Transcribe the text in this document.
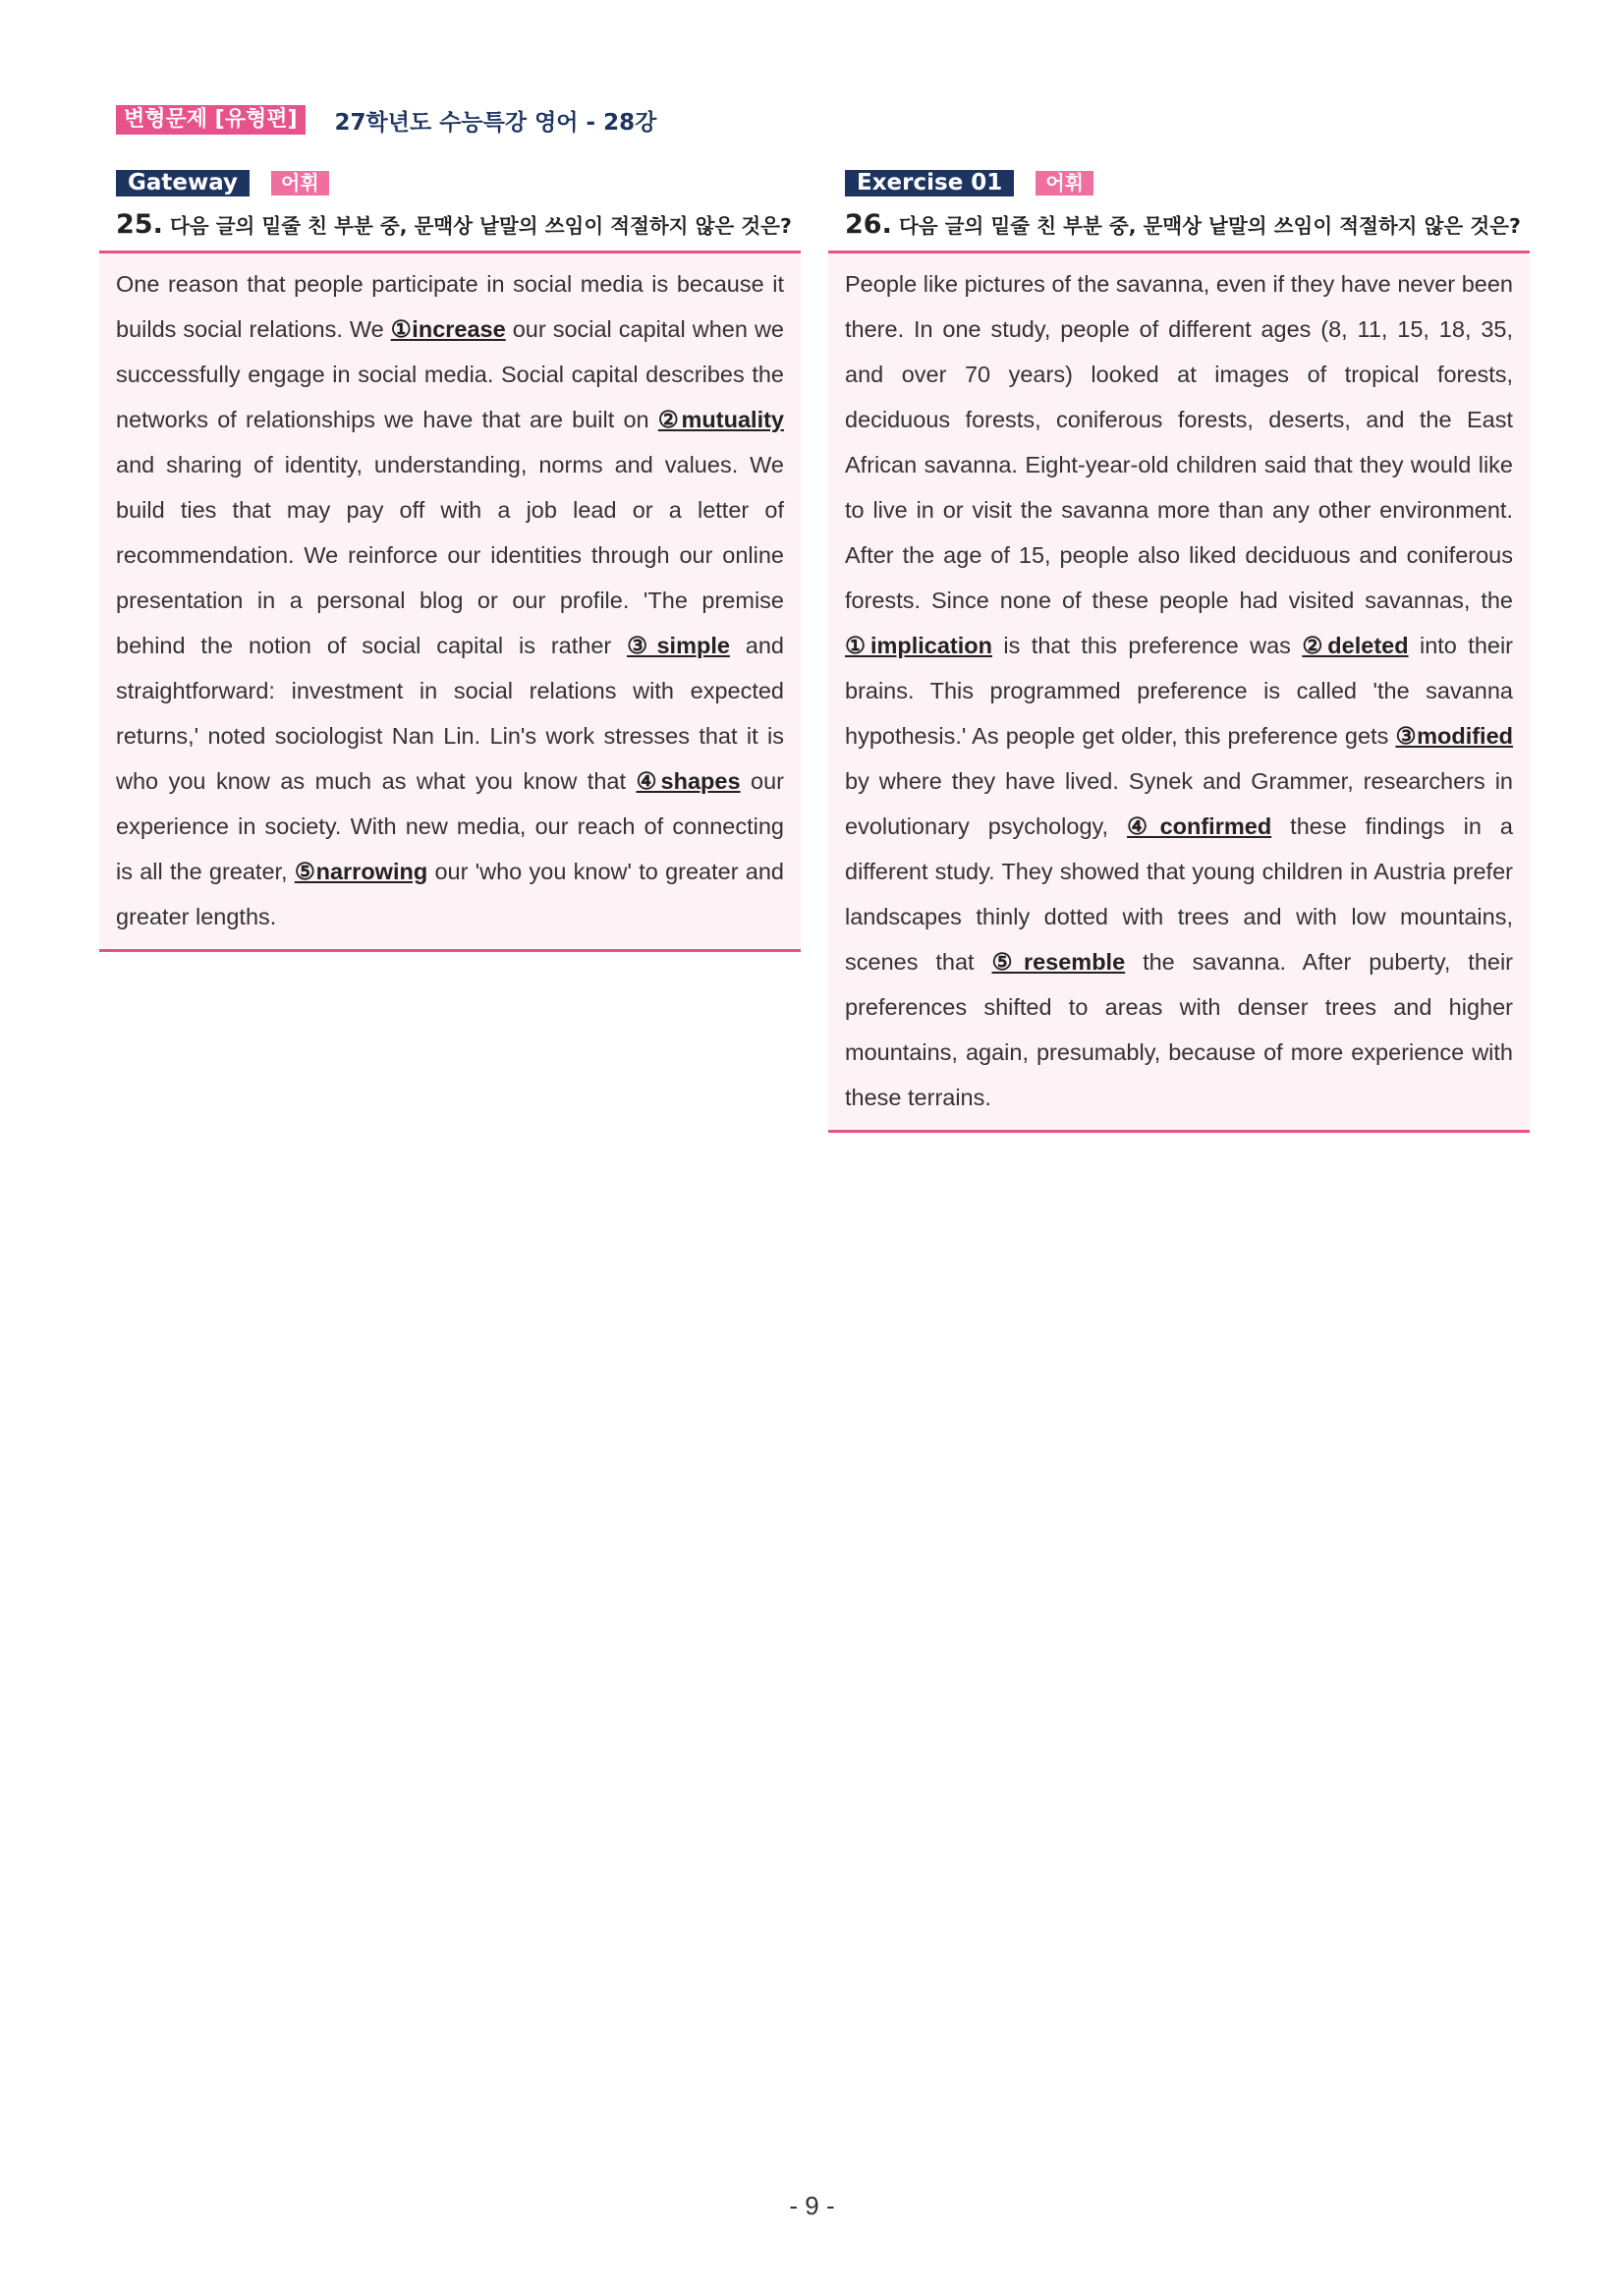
변형문제 [유형편]	27학년도 수능특강 영어 - 28강
Gateway	어휘
25. 다음 글의 밑줄 친 부분 중, 문맥상 낱말의 쓰임이 적절하지 않은 것은?

One reason that people participate in social media is because it builds social relations. We ①increase our social capital when we successfully engage in social media. Social capital describes the networks of relationships we have that are built on ②mutuality and sharing of identity, understanding, norms and values. We build ties that may pay off with a job lead or a letter of recommendation. We reinforce our identities through our online presentation in a personal blog or our profile. 'The premise behind the notion of social capital is rather ③simple and straightforward: investment in social relations with expected returns,' noted sociologist Nan Lin. Lin's work stresses that it is who you know as much as what you know that ④shapes our experience in society. With new media, our reach of connecting is all the greater, ⑤narrowing our 'who you know' to greater and greater lengths.

Exercise 01	어휘
26. 다음 글의 밑줄 친 부분 중, 문맥상 낱말의 쓰임이 적절하지 않은 것은?

People like pictures of the savanna, even if they have never been there. In one study, people of different ages (8, 11, 15, 18, 35, and over 70 years) looked at images of tropical forests, deciduous forests, coniferous forests, deserts, and the East African savanna. Eight-year-old children said that they would like to live in or visit the savanna more than any other environment. After the age of 15, people also liked deciduous and coniferous forests. Since none of these people had visited savannas, the ①implication is that this preference was ②deleted into their brains. This programmed preference is called 'the savanna hypothesis.' As people get older, this preference gets ③modified by where they have lived. Synek and Grammer, researchers in evolutionary psychology, ④confirmed these findings in a different study. They showed that young children in Austria prefer landscapes thinly dotted with trees and with low mountains, scenes that ⑤resemble the savanna. After puberty, their preferences shifted to areas with denser trees and higher mountains, again, presumably, because of more experience with these terrains.

- 9 -
